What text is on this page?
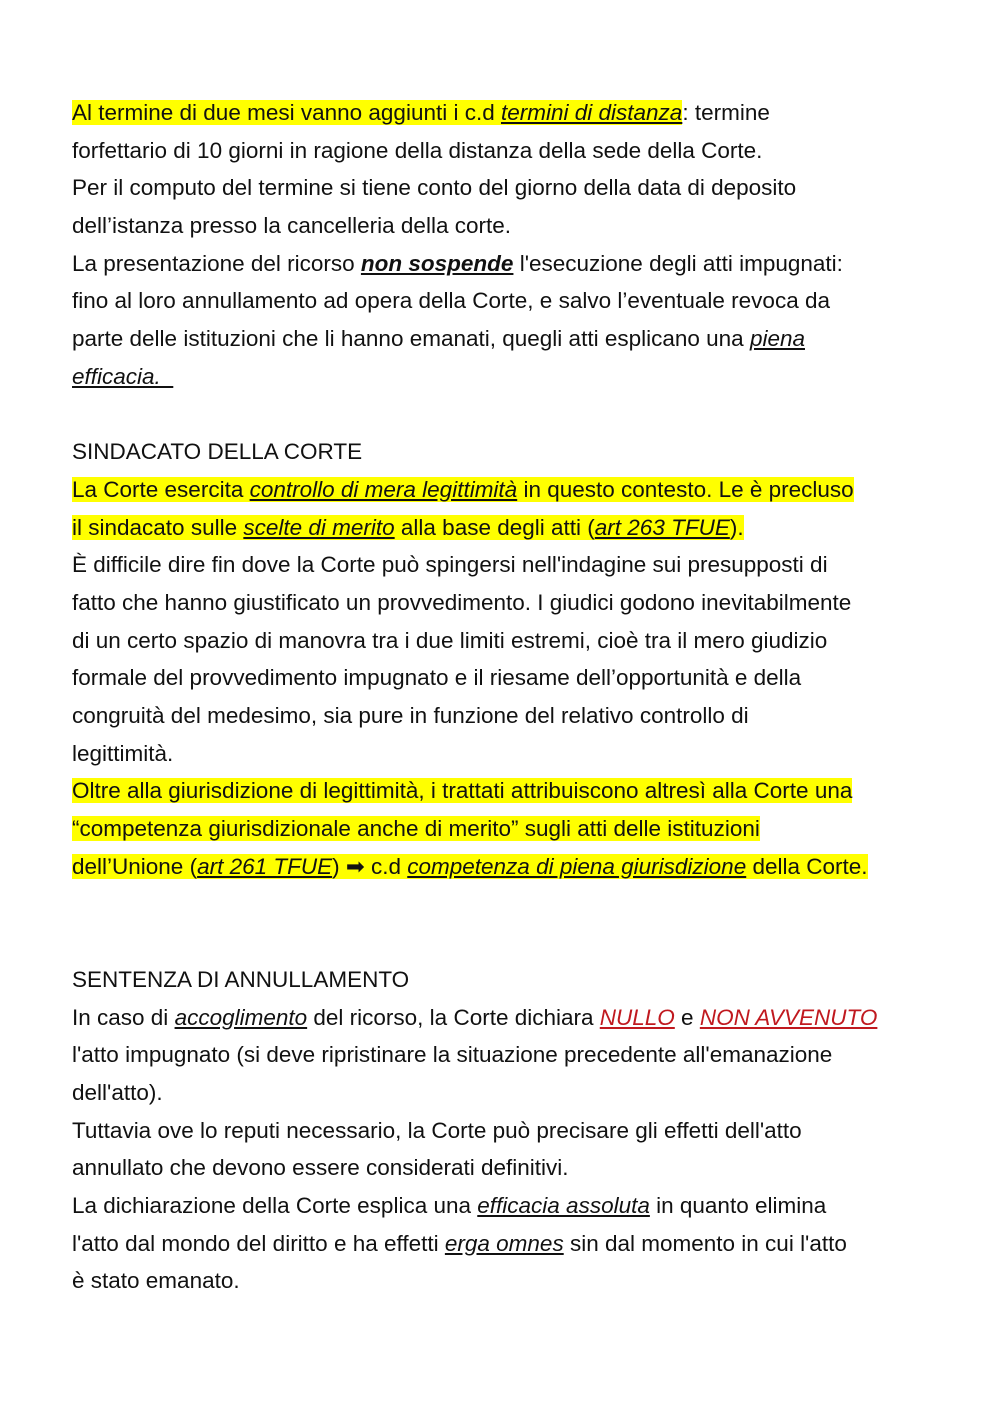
Al termine di due mesi vanno aggiunti i c.d termini di distanza: termine
forfettario di 10 giorni in ragione della distanza della sede della Corte.
Per il computo del termine si tiene conto del giorno della data di deposito
dell’istanza presso la cancelleria della corte.
La presentazione del ricorso non sospende l'esecuzione degli atti impugnati:
fino al loro annullamento ad opera della Corte, e salvo l’eventuale revoca da
parte delle istituzioni che li hanno emanati, quegli atti esplicano una piena
efficacia.
SINDACATO DELLA CORTE
La Corte esercita controllo di mera legittimità in questo contesto. Le è precluso
il sindacato sulle scelte di merito alla base degli atti (art 263 TFUE).
È difficile dire fin dove la Corte può spingersi nell'indagine sui presupposti di
fatto che hanno giustificato un provvedimento. I giudici godono inevitabilmente
di un certo spazio di manovra tra i due limiti estremi, cioè tra il mero giudizio
formale del provvedimento impugnato e il riesame dell’opportunità e della
congruità del medesimo, sia pure in funzione del relativo controllo di
legittimità.
Oltre alla giurisdizione di legittimità, i trattati attribuiscono altresì alla Corte una
“competenza giurisdizionale anche di merito” sugli atti delle istituzioni
dell’Unione (art 261 TFUE) ➡ c.d competenza di piena giurisdizione della Corte.
SENTENZA DI ANNULLAMENTO
In caso di accoglimento del ricorso, la Corte dichiara NULLO e NON AVVENUTO
l'atto impugnato (si deve ripristinare la situazione precedente all'emanazione
dell'atto).
Tuttavia ove lo reputi necessario, la Corte può precisare gli effetti dell'atto
annullato che devono essere considerati definitivi.
La dichiarazione della Corte esplica una efficacia assoluta in quanto elimina
l'atto dal mondo del diritto e ha effetti erga omnes sin dal momento in cui l'atto
è stato emanato.
